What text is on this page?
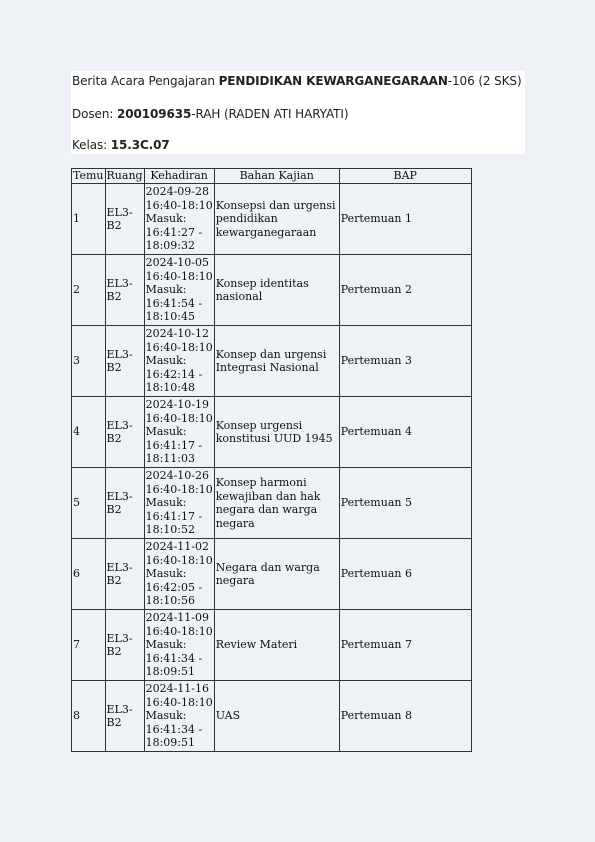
Berita Acara Pengajaran PENDIDIKAN KEWARGANEGARAAN-106 (2 SKS)
Dosen: 200109635-RAH (RADEN ATI HARYATI)
Kelas: 15.3C.07
Temu	Ruang	Kehadiran	Bahan Kajian	BAP
1	EL3-B2	2024-09-28
16:40-18:10
Masuk:
16:41:27 -
18:09:32	Konsepsi dan urgensi pendidikan kewarganegaraan	Pertemuan 1
2	EL3-B2	2024-10-05
16:40-18:10
Masuk:
16:41:54 -
18:10:45	Konsep identitas nasional	Pertemuan 2
3	EL3-B2	2024-10-12
16:40-18:10
Masuk:
16:42:14 -
18:10:48	Konsep dan urgensi Integrasi Nasional	Pertemuan 3
4	EL3-B2	2024-10-19
16:40-18:10
Masuk:
16:41:17 -
18:11:03	Konsep urgensi konstitusi UUD 1945	Pertemuan 4
5	EL3-B2	2024-10-26
16:40-18:10
Masuk:
16:41:17 -
18:10:52	Konsep harmoni kewajiban dan hak negara dan warga negara	Pertemuan 5
6	EL3-B2	2024-11-02
16:40-18:10
Masuk:
16:42:05 -
18:10:56	Negara dan warga negara	Pertemuan 6
7	EL3-B2	2024-11-09
16:40-18:10
Masuk:
16:41:34 -
18:09:51	Review Materi	Pertemuan 7
8	EL3-B2	2024-11-16
16:40-18:10
Masuk:
16:41:34 -
18:09:51	UAS	Pertemuan 8
